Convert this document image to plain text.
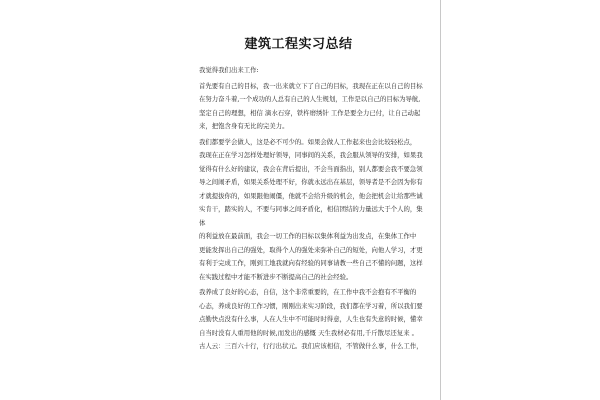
建筑工程实习总结

我觉得我们出来工作:

首先要有自己的目标，我一出来就立下了自己的目标，我现在正在以自己的目标
在努力奋斗着,一个成功的人总有自己的人生规划，工作是以自己的目标为导航,
坚定自己的理想，相信 滴水石穿，铁杵磨绣针 工作是要全力已付，让自己动起
来，把饱含身有无比的完美力。

我们都要学会做人，这是必不可少的。如果会做人工作起来也会比较轻松点，
我现在正在学习怎样处理好领导，同事间的关系，我会服从领导的安排，如果我
觉得有什么好的建议，我会在背后提出，不会当面指出，别人都要会我不要急领
导之间闹矛盾，如果关系处理不好，你就永远出在基层，领导者是不会因为你有
才就提拔你的，如果跟他闹僵，他就不会给升级的机会，他会把机会让给那些诚
实肯干，踏实的人，不要与同事之间矛盾化，相信团结的力量远大于个人的，集体
的利益放在最前面，我会一切工作的目标以集体利益为出发点，在集体工作中
更能发挥出自己的强处，取得个人的强处来弥补自己的短处，向他人学习，才更
有利于完成工作，刚到工地我就向有经验的同事请教一些自己不懂的问题，这样
在实践过程中才能不断进步不断提高自己的社会经验。

我养成了良好的心态，自信，这个非常重要的，在工作中我不会抱有不平衡的
心态，养成良好的工作习惯，刚刚出来实习阶段，我们都在学习着，所以我们要
点勤快点没有什么事，人在人生中不可能时时得意，人生也有失意的时候，懂幸
自当时没有人重用他的时候,而发出的感慨 天生我材必有用,千斤散尽还复来 。
古人云：三百六十行，行行出状元。我们应该相信，不管做什么事，什么工作，
